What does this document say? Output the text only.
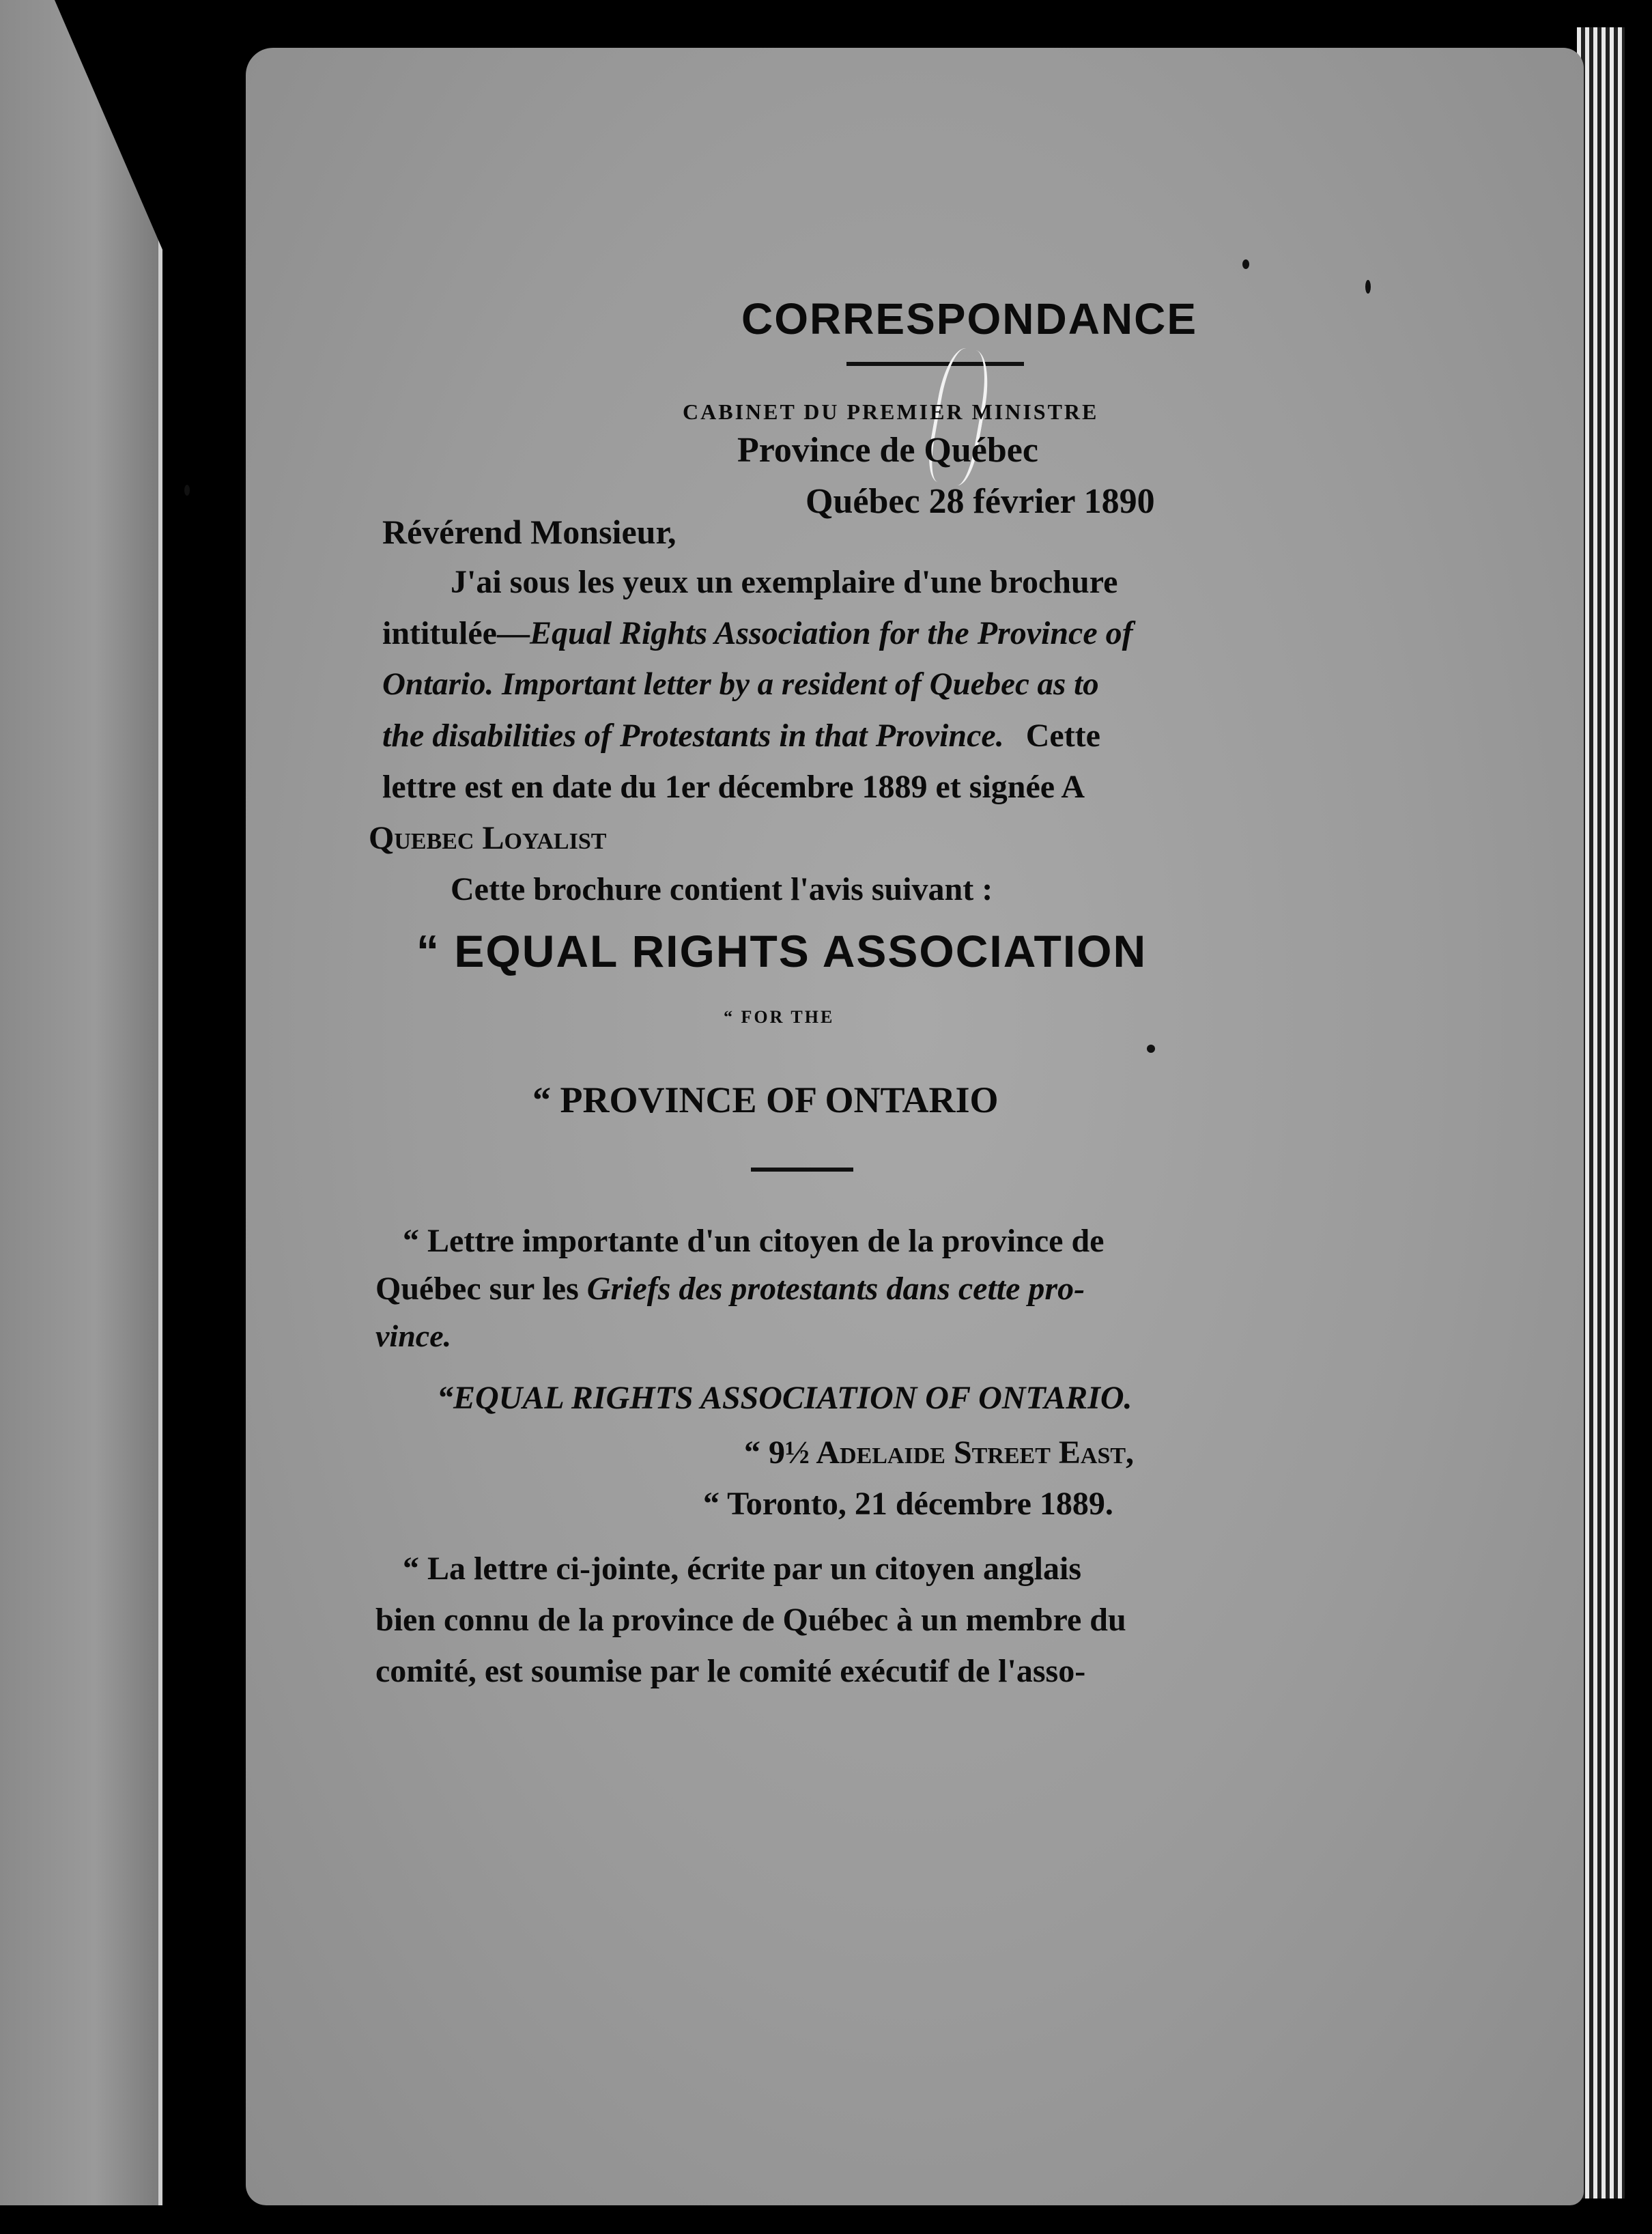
CORRESPONDANCE
CABINET DU PREMIER MINISTRE
Province de Québec
Québec 28 février 1890
Révérend Monsieur,
J'ai sous les yeux un exemplaire d'une brochure
intitulée—Equal Rights Association for the Province of
Ontario. Important letter by a resident of Quebec as to
the disabilities of Protestants in that Province. Cette
lettre est en date du 1er décembre 1889 et signée A
Quebec Loyalist
Cette brochure contient l'avis suivant :
“ EQUAL RIGHTS ASSOCIATION
“ FOR THE
“ PROVINCE OF ONTARIO
“ Lettre importante d'un citoyen de la province de
Québec sur les Griefs des protestants dans cette pro-
vince.
“EQUAL RIGHTS ASSOCIATION OF ONTARIO.
“ 9½ Adelaide Street East,
“ Toronto, 21 décembre 1889.
“ La lettre ci-jointe, écrite par un citoyen anglais
bien connu de la province de Québec à un membre du
comité, est soumise par le comité exécutif de l'asso-
